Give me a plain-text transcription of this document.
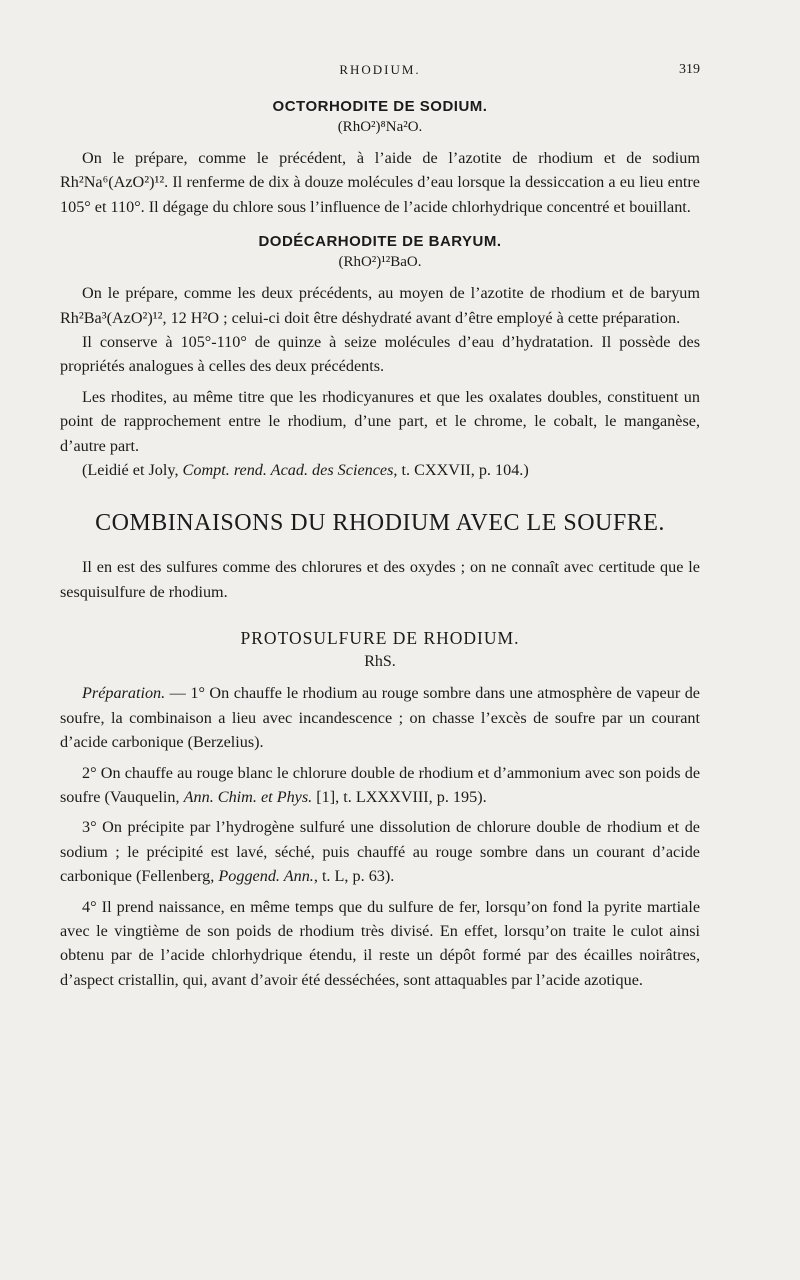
RHODIUM.	319
OCTORHODITE DE SODIUM.
(RhO²)⁸Na²O.

On le prépare, comme le précédent, à l’aide de l’azotite de rhodium et de sodium Rh²Na⁶(AzO²)¹². Il renferme de dix à douze molécules d’eau lorsque la dessiccation a eu lieu entre 105° et 110°. Il dégage du chlore sous l’influence de l’acide chlorhydrique concentré et bouillant.

DODÉCARHODITE DE BARYUM.
(RhO²)¹²BaO.

On le prépare, comme les deux précédents, au moyen de l’azotite de rhodium et de baryum Rh²Ba³(AzO²)¹², 12 H²O ; celui-ci doit être déshydraté avant d’être employé à cette préparation.

Il conserve à 105°-110° de quinze à seize molécules d’eau d’hydratation. Il possède des propriétés analogues à celles des deux précédents.

Les rhodites, au même titre que les rhodicyanures et que les oxalates doubles, constituent un point de rapprochement entre le rhodium, d’une part, et le chrome, le cobalt, le manganèse, d’autre part.

(Leidié et Joly, Compt. rend. Acad. des Sciences, t. CXXVII, p. 104.)

COMBINAISONS DU RHODIUM AVEC LE SOUFRE.

Il en est des sulfures comme des chlorures et des oxydes ; on ne connaît avec certitude que le sesquisulfure de rhodium.

PROTOSULFURE DE RHODIUM.
RhS.

Préparation. — 1° On chauffe le rhodium au rouge sombre dans une atmosphère de vapeur de soufre, la combinaison a lieu avec incandescence ; on chasse l’excès de soufre par un courant d’acide carbonique (Berzelius).

2° On chauffe au rouge blanc le chlorure double de rhodium et d’ammonium avec son poids de soufre (Vauquelin, Ann. Chim. et Phys. [1], t. LXXXVIII, p. 195).

3° On précipite par l’hydrogène sulfuré une dissolution de chlorure double de rhodium et de sodium ; le précipité est lavé, séché, puis chauffé au rouge sombre dans un courant d’acide carbonique (Fellenberg, Poggend. Ann., t. L, p. 63).

4° Il prend naissance, en même temps que du sulfure de fer, lorsqu’on fond la pyrite martiale avec le vingtième de son poids de rhodium très divisé. En effet, lorsqu’on traite le culot ainsi obtenu par de l’acide chlorhydrique étendu, il reste un dépôt formé par des écailles noirâtres, d’aspect cristallin, qui, avant d’avoir été desséchées, sont attaquables par l’acide azotique.
